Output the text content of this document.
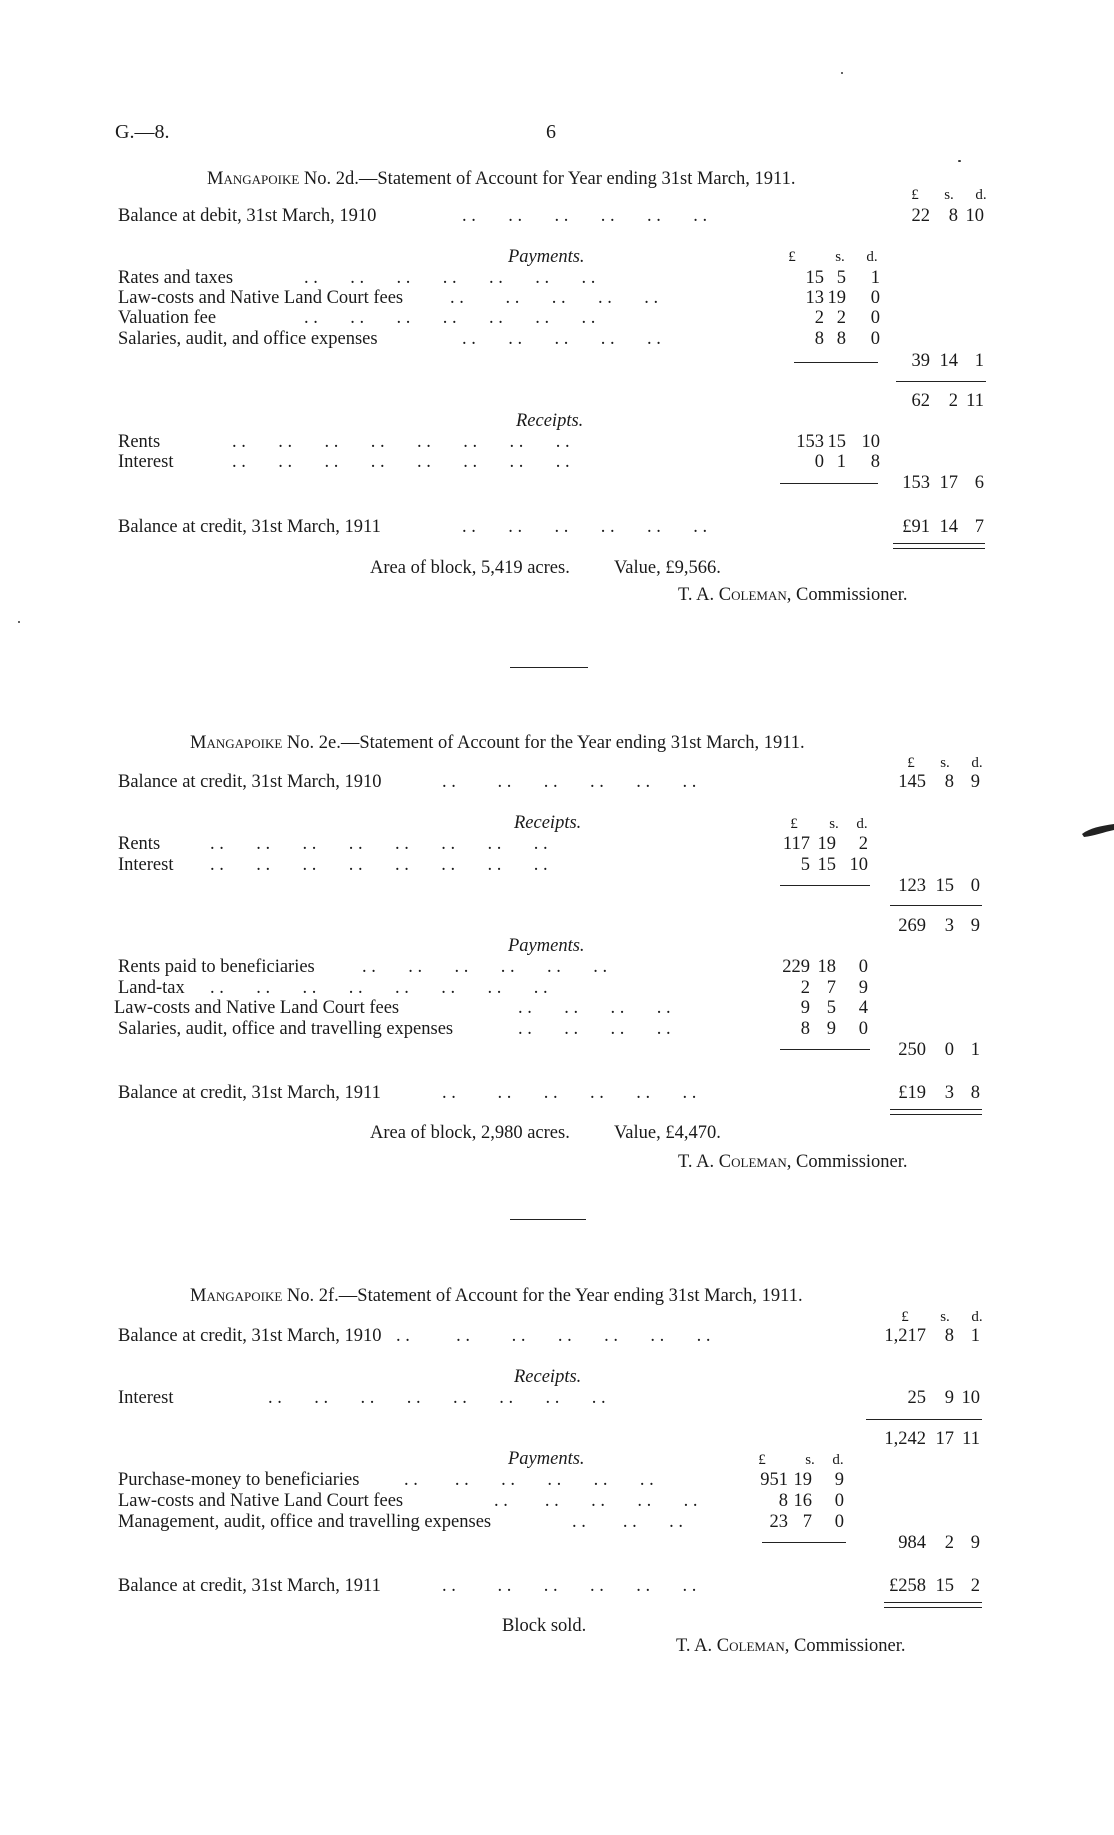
G.—8.	6
Mangapoike No. 2d.—Statement of Account for Year ending 31st March, 1911.
£	s.	d.
Balance at debit, 31st March, 1910	. .       . .       . .       . .       . .       . .	22	8 10
Payments.	£	s.	d.
Rates and taxes	. .       . .       . .       . .       . .       . .       . .	15 5	1
Law-costs and Native Land Court fees	. .         . .       . .       . .       . .	13 19	0
Valuation fee	. .       . .       . .       . .       . .       . .       . .	2 2	0
Salaries, audit, and office expenses	. .       . .       . .       . .       . .	8 8	0
39 14 1
62	2 11
Receipts.
Rents	. .       . .       . .       . .       . .       . .       . .       . .	153 15 10
Interest	. .       . .       . .       . .       . .       . .       . .       . .	0 1	8
153 17 6
Balance at credit, 31st March, 1911	. .       . .       . .       . .       . .       . .	£91 14 7
Area of block, 5,419 acres. Value, £9,566.
T. A. Coleman, Commissioner.
Mangapoike No. 2e.—Statement of Account for the Year ending 31st March, 1911.
£	s.	d.
Balance at credit, 31st March, 1910	. .         . .       . .       . .       . .       . .	145	8 9
Receipts.	£	s.	d.
Rents	. .       . .       . .       . .       . .       . .       . .       . .	117 19	2
Interest . .       . .       . .       . .       . .       . .       . .       . .	5 15 10
123 15 0
269	3 9
Payments.
Rents paid to beneficiaries	. .       . .       . .       . .       . .       . .	229 18	0
Land-tax . .       . .       . .       . .       . .       . .       . .       . .	2 7	9
Law-costs and Native Land Court fees	. .       . .       . .       . .	9 5	4
Salaries, audit, office and travelling expenses	. .       . .       . .       . .	8 9	0
250	0 1
Balance at credit, 31st March, 1911	. .         . .       . .       . .       . .       . .	£19	3 8
Area of block, 2,980 acres. Value, £4,470.
T. A. Coleman, Commissioner.
Mangapoike No. 2f.—Statement of Account for the Year ending 31st March, 1911.
£	s.	d.
Balance at credit, 31st March, 1910 . .          . .         . .       . .       . .       . .       . .	1,217	8 1
Receipts.
Interest	. .       . .       . .       . .       . .       . .       . .       . .	25	9 10
1,242 17 11
Payments.	£	s.	d.
Purchase-money to beneficiaries . .        . .       . .       . .       . .       . .	951 19	9
Law-costs and Native Land Court fees	. .        . .       . .       . .       . .	8 16	0
Management, audit, office and travelling expenses	. .        . .       . .	23 7	0
984	2 9
Balance at credit, 31st March, 1911	. .         . .       . .       . .       . .       . .	£258 15 2
Block sold.
T. A. Coleman, Commissioner.
